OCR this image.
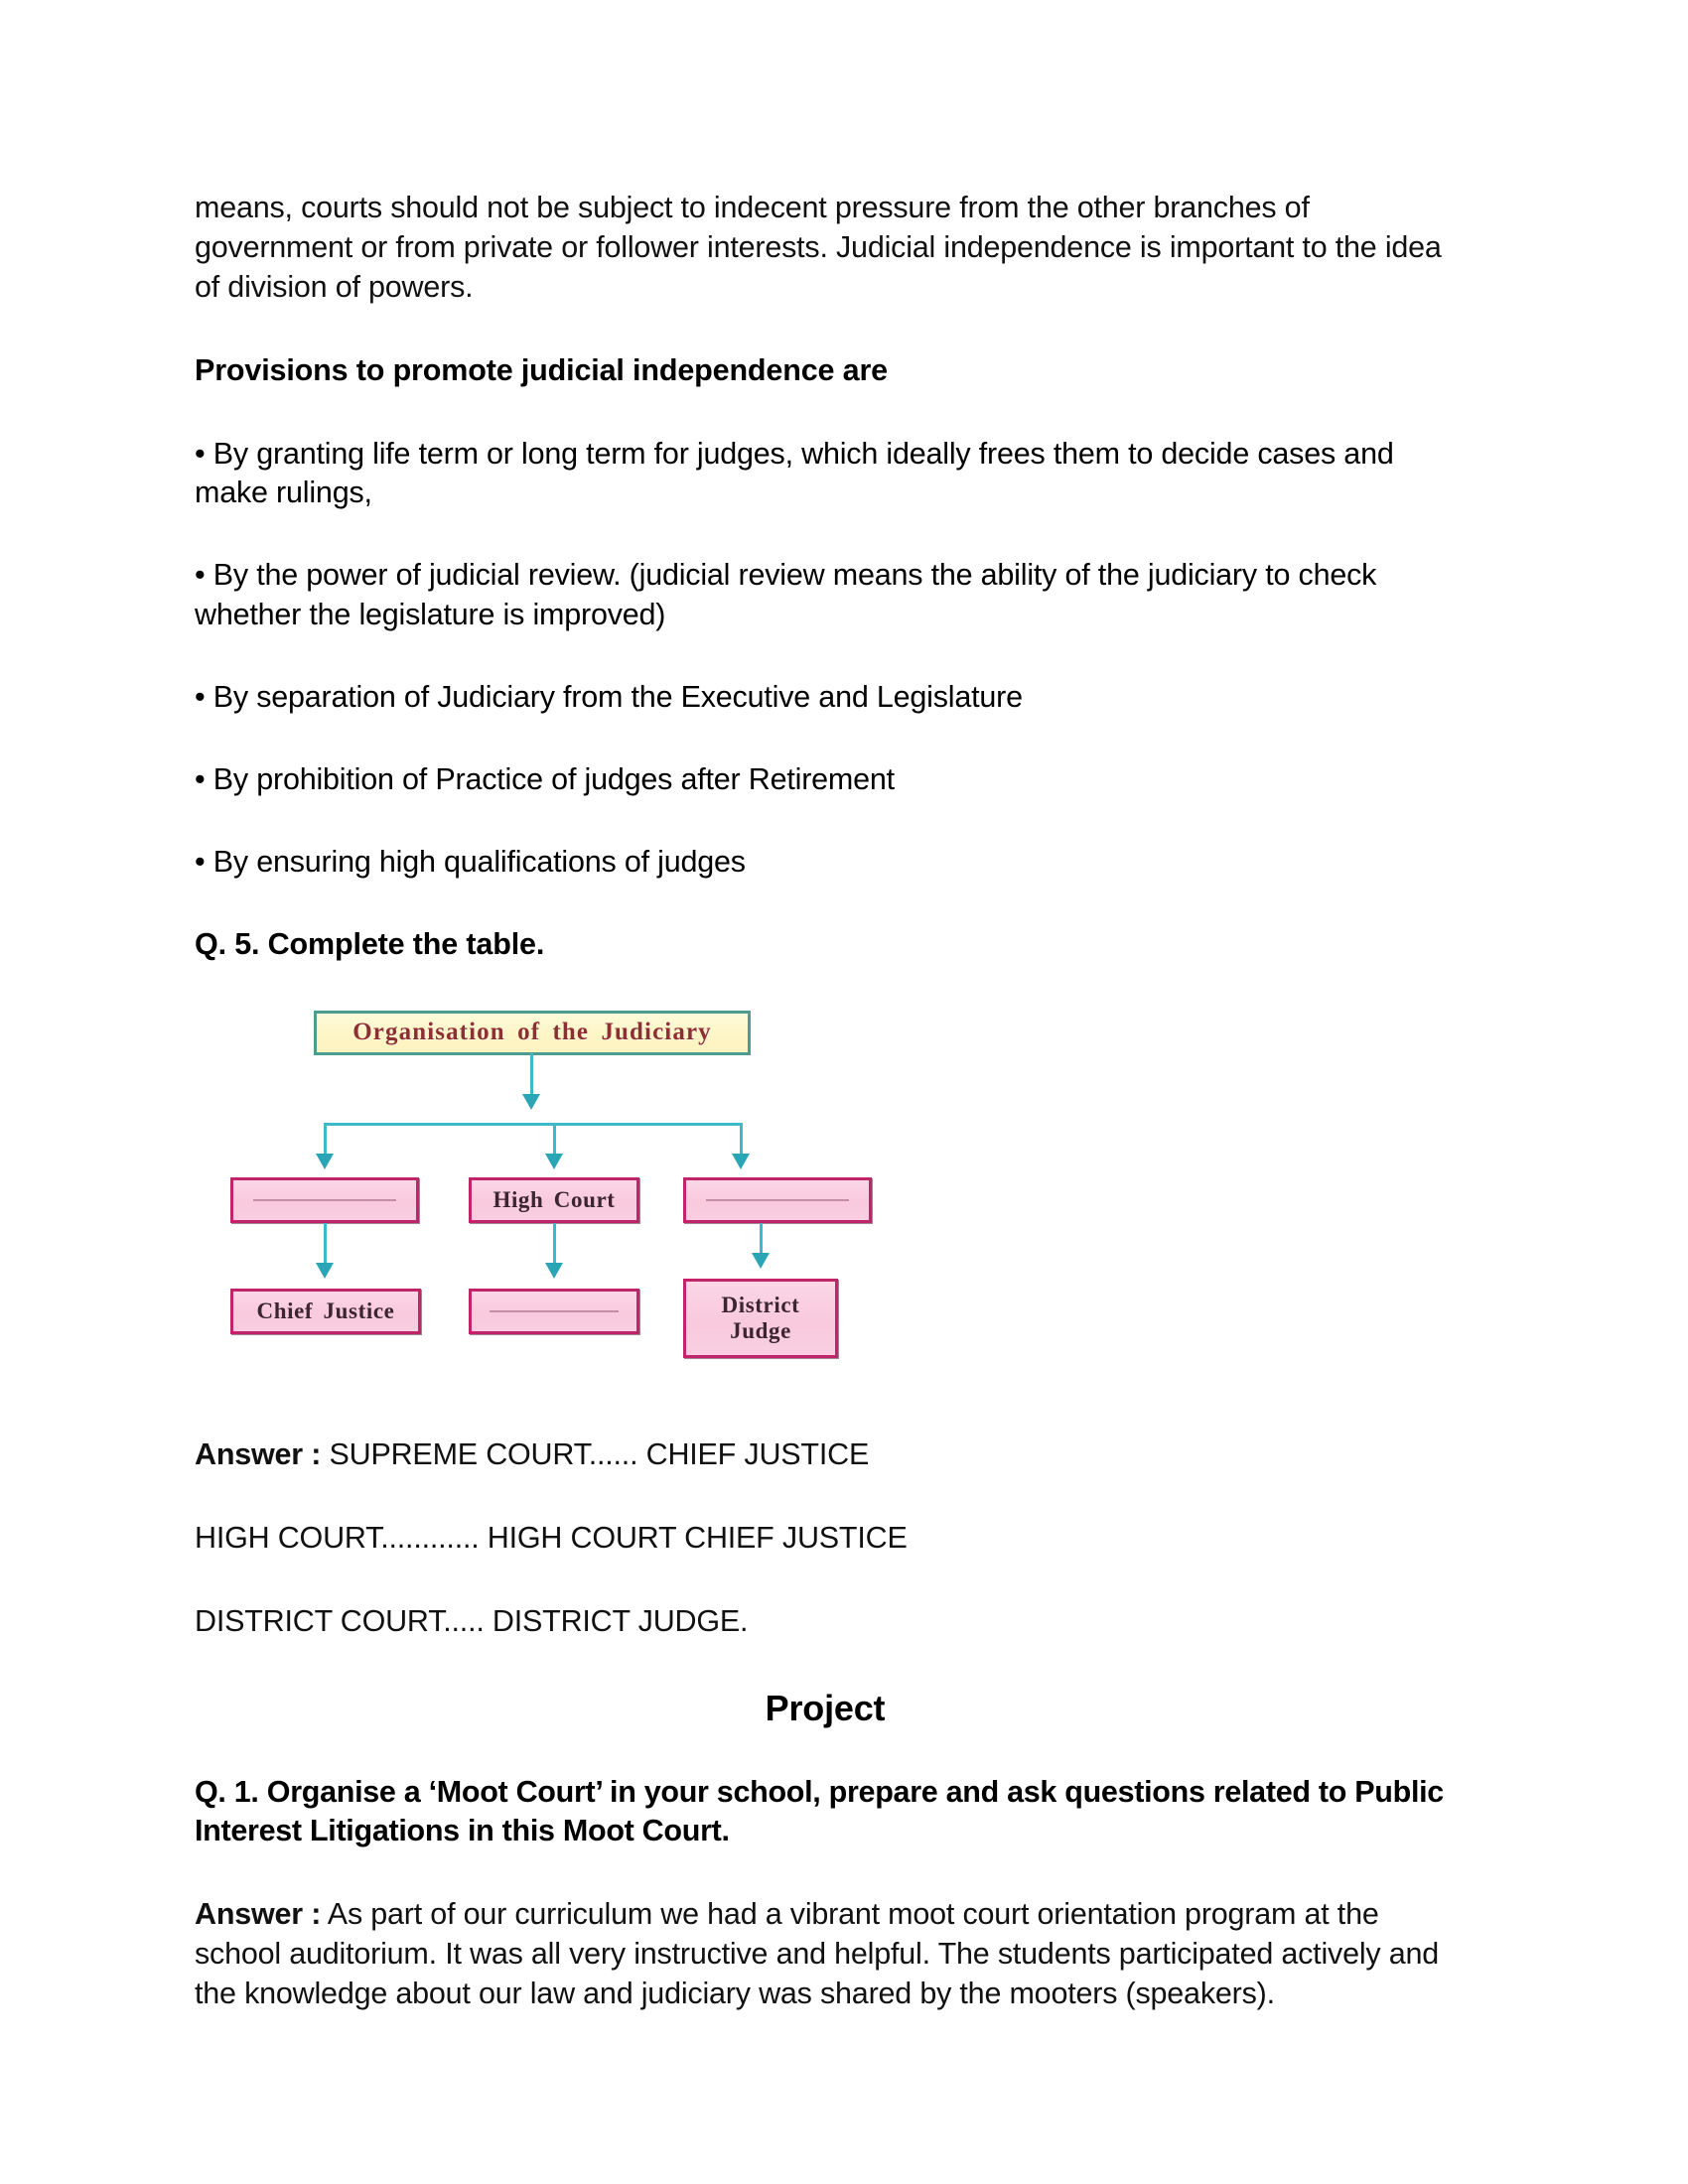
means, courts should not be subject to indecent pressure from the other branches of government or from private or follower interests. Judicial independence is important to the idea of division of powers.

Provisions to promote judicial independence are

• By granting life term or long term for judges, which ideally frees them to decide cases and make rulings,

• By the power of judicial review. (judicial review means the ability of the judiciary to check whether the legislature is improved)

• By separation of Judiciary from the Executive and Legislature

• By prohibition of Practice of judges after Retirement

• By ensuring high qualifications of judges

Q. 5. Complete the table.

Organisation of the Judiciary
High Court
Chief Justice	District Judge

Answer : SUPREME COURT...... CHIEF JUSTICE

HIGH COURT............ HIGH COURT CHIEF JUSTICE

DISTRICT COURT..... DISTRICT JUDGE.

Project

Q. 1. Organise a ‘Moot Court’ in your school, prepare and ask questions related to Public Interest Litigations in this Moot Court.

Answer : As part of our curriculum we had a vibrant moot court orientation program at the school auditorium. It was all very instructive and helpful. The students participated actively and the knowledge about our law and judiciary was shared by the mooters (speakers).
